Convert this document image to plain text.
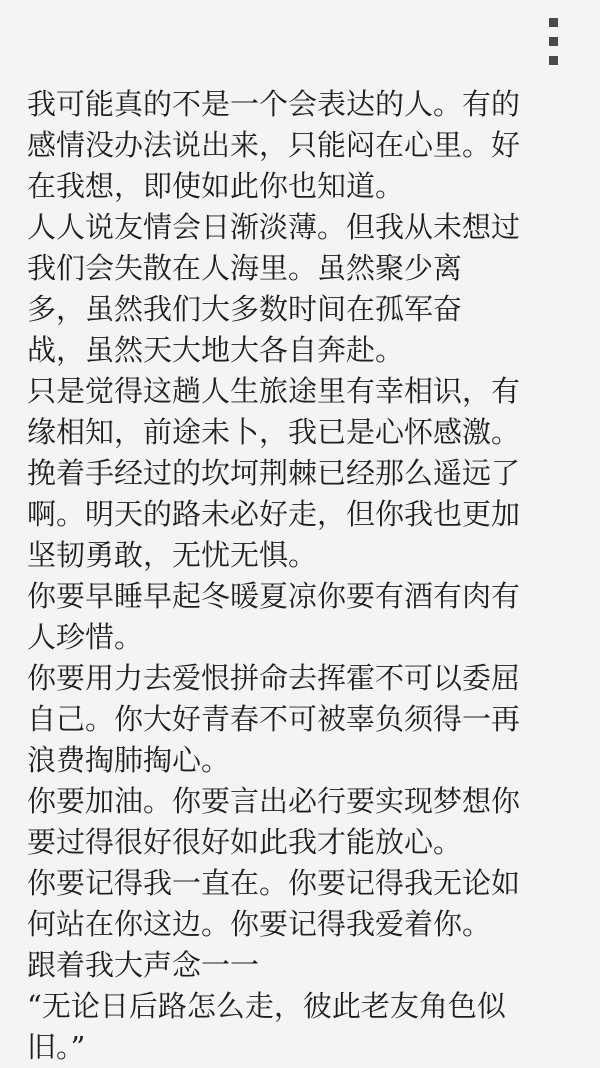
我可能真的不是一个会表达的人。有的
感情没办法说出来，只能闷在心里。好
在我想，即使如此你也知道。
人人说友情会日渐淡薄。但我从未想过
我们会失散在人海里。虽然聚少离
多，虽然我们大多数时间在孤军奋
战，虽然天大地大各自奔赴。
只是觉得这趟人生旅途里有幸相识，有
缘相知，前途未卜，我已是心怀感激。
挽着手经过的坎坷荆棘已经那么遥远了
啊。明天的路未必好走，但你我也更加
坚韧勇敢，无忧无惧。
你要早睡早起冬暖夏凉你要有酒有肉有
人珍惜。
你要用力去爱恨拼命去挥霍不可以委屈
自己。你大好青春不可被辜负须得一再
浪费掏肺掏心。
你要加油。你要言出必行要实现梦想你
要过得很好很好如此我才能放心。
你要记得我一直在。你要记得我无论如
何站在你这边。你要记得我爱着你。
跟着我大声念一一
“无论日后路怎么走，彼此老友角色似
旧。”
